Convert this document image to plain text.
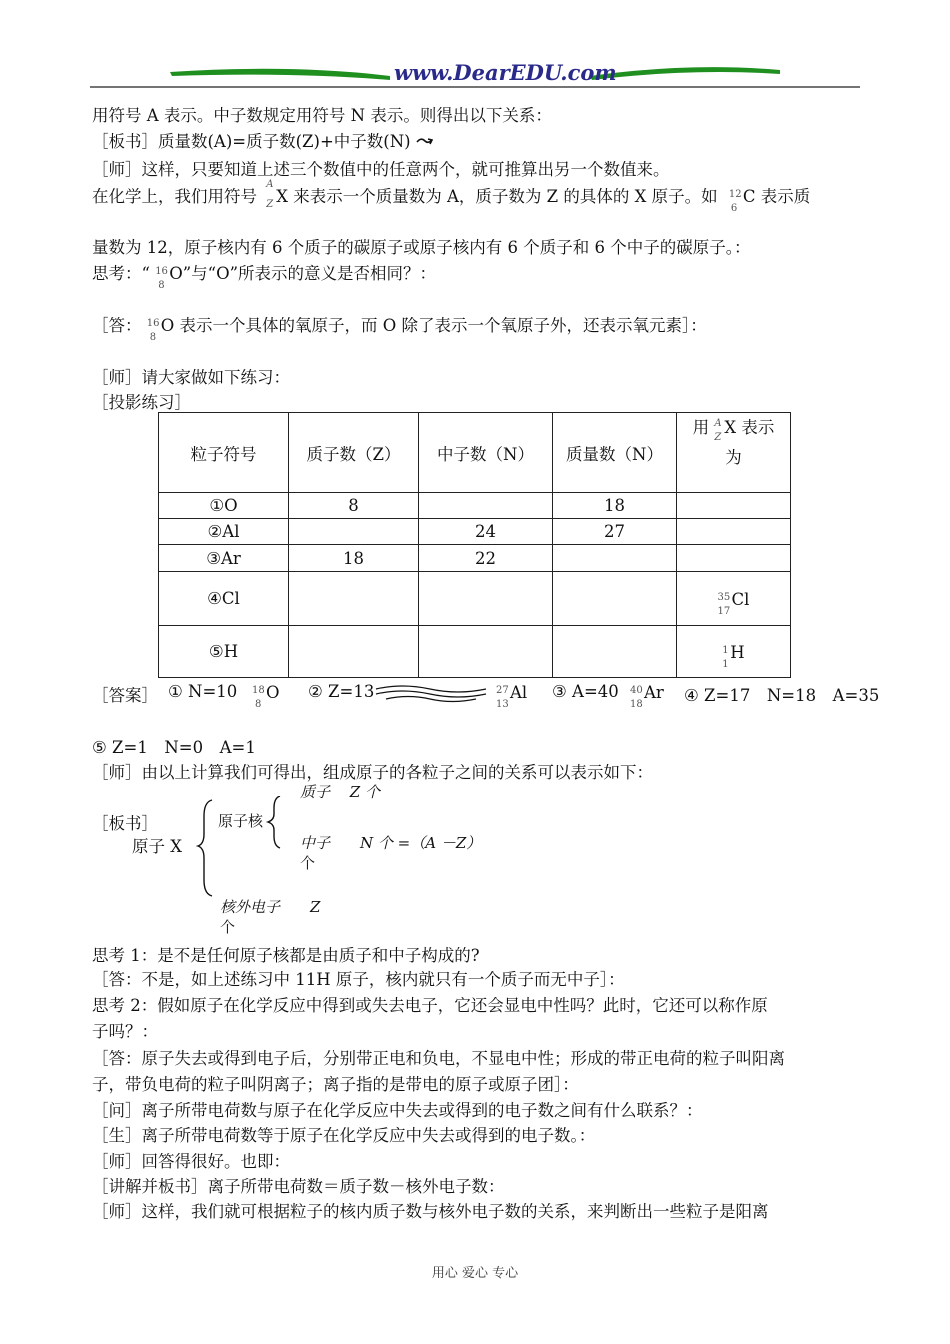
www.DearEDU.com
用符号 A 表示。中子数规定用符号 N 表示。则得出以下关系：
［板书］质量数(A)=质子数(Z)+中子数(N)
［师］这样，只要知道上述三个数值中的任意两个，就可推算出另一个数值来。
在化学上，我们用符号
A
Z X 来表示一个质量数为 A，质子数为 Z 的具体的 X 原子。如 12
6
C 表示质
量数为 12，原子核内有 6 个质子的碳原子或原子核内有 6 个质子和 6 个中子的碳原子。：
思考：“ 16
8
O”与“O”所表示的意义是否相同？：
［答： 16
8
O 表示一个具体的氧原子，而 O 除了表示一个氧原子外，还表示氧元素］：
［师］请大家做如下练习：
［投影练习］
粒子符号	质子数（Z）	中子数（N）	质量数（N）	用 A
Z
X 表示
为

①O	8		18	
②Al		24	27	
③Ar	18	22		
④Cl				35
17
Cl
⑤H				1
1
H
［答案］ ① N=10 18
8
O ② Z=13	27
13
Al ③ A=40 40
18
Ar ④ Z=17　N=18　A=35
⑤ Z=1　N=0　A=1
［师］由以上计算我们可得出，组成原子的各粒子之间的关系可以表示如下：
［板书］
原子 X
原子核
质子　 Z 个
中子　　N 个 =（A －Z）
个
核外电子　　Z
个
思考 1：是不是任何原子核都是由质子和中子构成的?
［答：不是，如上述练习中 11H 原子，核内就只有一个质子而无中子］：
思考 2：假如原子在化学反应中得到或失去电子，它还会显电中性吗？此时，它还可以称作原
子吗？：
［答：原子失去或得到电子后，分别带正电和负电，不显电中性；形成的带正电荷的粒子叫阳离
子，带负电荷的粒子叫阴离子；离子指的是带电的原子或原子团］：
［问］离子所带电荷数与原子在化学反应中失去或得到的电子数之间有什么联系？：
［生］离子所带电荷数等于原子在化学反应中失去或得到的电子数。：
［师］回答得很好。也即：
［讲解并板书］离子所带电荷数＝质子数－核外电子数：
［师］这样，我们就可根据粒子的核内质子数与核外电子数的关系，来判断出一些粒子是阳离
用心 爱心 专心
